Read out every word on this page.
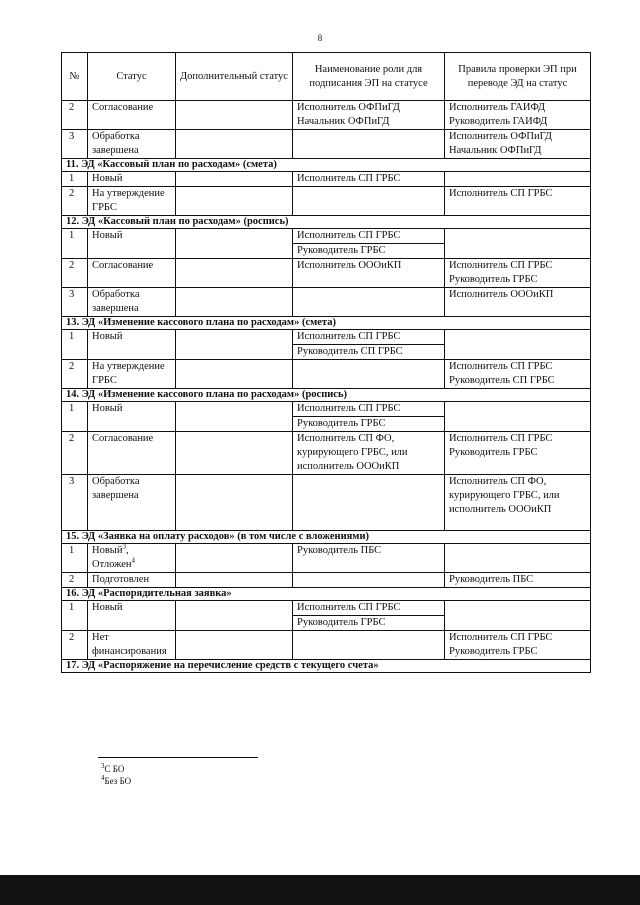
8
№	Статус	Дополнительный статус	Наименование роли для подписания ЭП на статусе	Правила проверки ЭП при переводе ЭД на статус
2	Согласование		Исполнитель ОФПиГД
Начальник ОФПиГД	Исполнитель ГАИФД
Руководитель ГАИФД

3	Обработка завершена			Исполнитель ОФПиГД
Начальник ОФПиГД

11. ЭД «Кассовый план по расходам» (смета)				
1	Новый		Исполнитель СП ГРБС	

2	На утверждение ГРБС			Исполнитель СП ГРБС

12. ЭД «Кассовый план по расходам» (роспись)				
1	Новый		Исполнитель СП ГРБС
Руководитель ГРБС	

2	Согласование		Исполнитель ОООиКП	Исполнитель СП ГРБС
Руководитель ГРБС

3	Обработка завершена			Исполнитель ОООиКП

13. ЭД «Изменение кассового плана по расходам» (смета)				
1	Новый		Исполнитель СП ГРБС
Руководитель СП ГРБС	

2	На утверждение ГРБС			Исполнитель СП ГРБС
Руководитель СП ГРБС

14. ЭД «Изменение кассового плана по расходам» (роспись)				
1	Новый		Исполнитель СП ГРБС
Руководитель ГРБС	

2	Согласование		Исполнитель СП ФО, курирующего ГРБС, или исполнитель ОООиКП	Исполнитель СП ГРБС
Руководитель ГРБС

3	Обработка завершена			Исполнитель СП ФО, курирующего ГРБС, или исполнитель ОООиКП

15. ЭД «Заявка на оплату расходов» (в том числе с вложениями)				
1	Новый$^3$, Отложен$^4$		Руководитель ПБС	

2	Подготовлен			Руководитель ПБС

16. ЭД «Распорядительная заявка»				
1	Новый		Исполнитель СП ГРБС
Руководитель ГРБС	

2	Нет финансирования			Исполнитель СП ГРБС
Руководитель ГРБС

17. ЭД «Распоряжение на перечисление средств с текущего счета»				
$^3$С БО
$^4$Без БО
